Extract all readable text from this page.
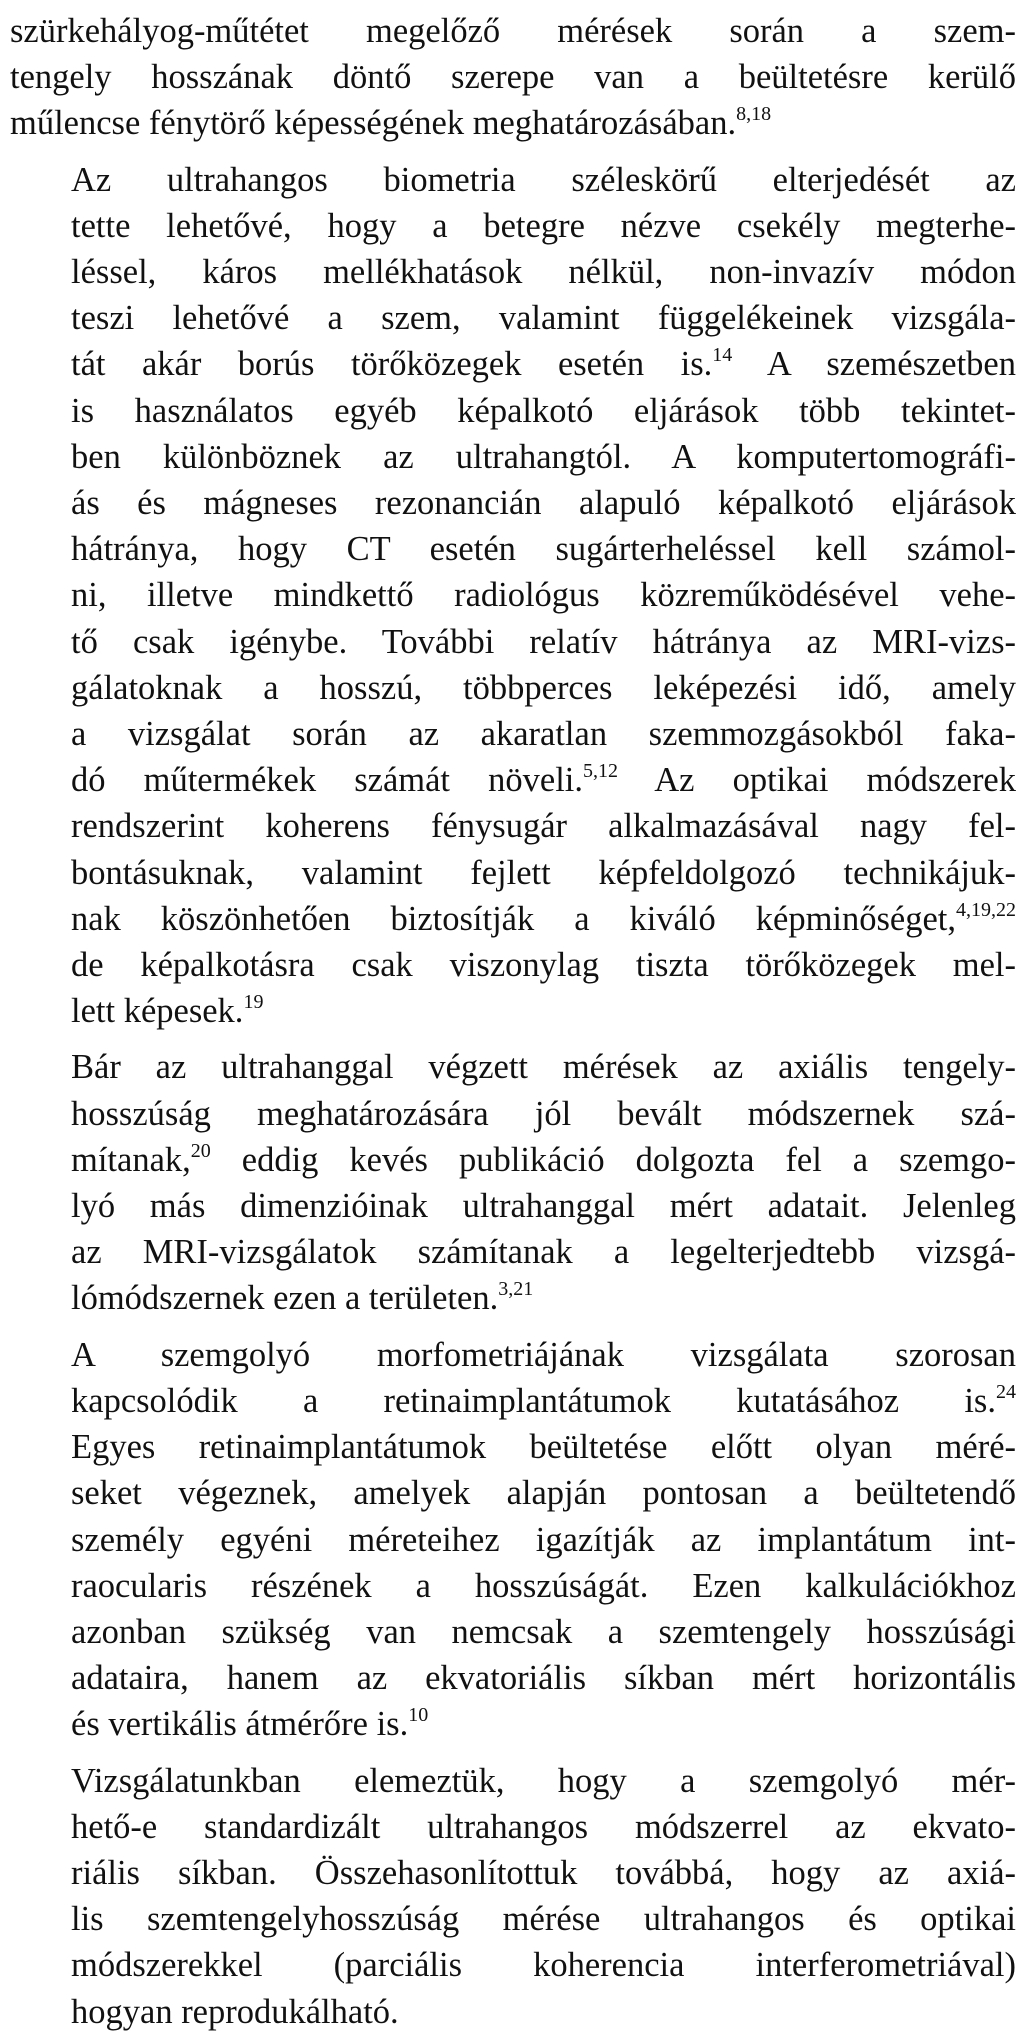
szürkehályog-műtétet megelőző mérések során a szem-
tengely hosszának döntő szerepe van a beültetésre kerülő
műlencse fénytörő képességének meghatározásában.$^{8,18}$
Az ultrahangos biometria széleskörű elterjedését az
tette lehetővé, hogy a betegre nézve csekély megterhe-
léssel, káros mellékhatások nélkül, non-invazív módon
teszi lehetővé a szem, valamint függelékeinek vizsgála-
tát akár borús törőközegek esetén is.$^{14}$ A szemészetben
is használatos egyéb képalkotó eljárások több tekintet-
ben különböznek az ultrahangtól. A komputertomográfi-
ás és mágneses rezonancián alapuló képalkotó eljárások
hátránya, hogy CT esetén sugárterheléssel kell számol-
ni, illetve mindkettő radiológus közreműködésével vehe-
tő csak igénybe. További relatív hátránya az MRI-vizs-
gálatoknak a hosszú, többperces leképezési idő, amely
a vizsgálat során az akaratlan szemmozgásokból faka-
dó műtermékek számát növeli.$^{5,12}$ Az optikai módszerek
rendszerint koherens fénysugár alkalmazásával nagy fel-
bontásuknak, valamint fejlett képfeldolgozó technikájuk-
nak köszönhetően biztosítják a kiváló képminőséget,$^{4,19,22}$
de képalkotásra csak viszonylag tiszta törőközegek mel-
lett képesek.$^{19}$
Bár az ultrahanggal végzett mérések az axiális tengely-
hosszúság meghatározására jól bevált módszernek szá-
mítanak,$^{20}$ eddig kevés publikáció dolgozta fel a szemgo-
lyó más dimenzióinak ultrahanggal mért adatait. Jelenleg
az MRI-vizsgálatok számítanak a legelterjedtebb vizsgá-
lómódszernek ezen a területen.$^{3,21}$
A szemgolyó morfometriájának vizsgálata szorosan
kapcsolódik a retinaimplantátumok kutatásához is.$^{24}$
Egyes retinaimplantátumok beültetése előtt olyan méré-
seket végeznek, amelyek alapján pontosan a beültetendő
személy egyéni méreteihez igazítják az implantátum int-
raocularis részének a hosszúságát. Ezen kalkulációkhoz
azonban szükség van nemcsak a szemtengely hosszúsági
adataira, hanem az ekvatoriális síkban mért horizontális
és vertikális átmérőre is.$^{10}$
Vizsgálatunkban elemeztük, hogy a szemgolyó mér-
hető-e standardizált ultrahangos módszerrel az ekvato-
riális síkban. Összehasonlítottuk továbbá, hogy az axiá-
lis szemtengelyhosszúság mérése ultrahangos és optikai
módszerekkel (parciális koherencia interferometriával)
hogyan reprodukálható.
